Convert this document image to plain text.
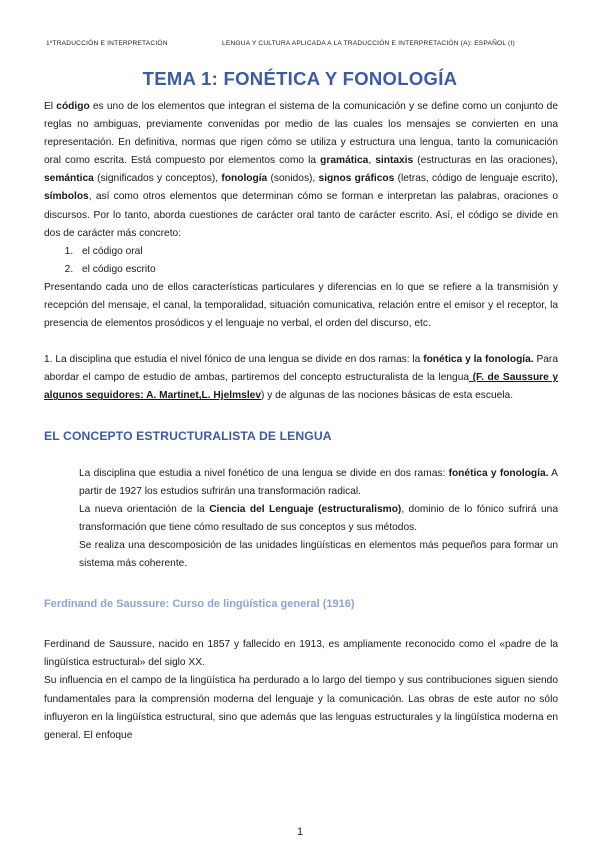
1ºTRADUCCIÓN E INTERPRETACIÓN	LENGUA Y CULTURA APLICADA A LA TRADUCCIÓN E INTERPRETACIÓN (A): ESPAÑOL (I)
TEMA 1: FONÉTICA Y FONOLOGÍA

El código es uno de los elementos que integran el sistema de la comunicación y se define como un conjunto de reglas no ambiguas, previamente convenidas por medio de las cuales los mensajes se convierten en una representación. En definitiva, normas que rigen cómo se utiliza y estructura una lengua, tanto la comunicación oral como escrita. Está compuesto por elementos como la gramática, sintaxis (estructuras en las oraciones), semántica (significados y conceptos), fonología (sonidos), signos gráficos (letras, código de lenguaje escrito), símbolos, así como otros elementos que determinan cómo se forman e interpretan las palabras, oraciones o discursos. Por lo tanto, aborda cuestiones de carácter oral tanto de carácter escrito. Así, el código se divide en dos de carácter más concreto:

1. el código oral
2. el código escrito

Presentando cada uno de ellos características particulares y diferencias en lo que se refiere a la transmisión y recepción del mensaje, el canal, la temporalidad, situación comunicativa, relación entre el emisor y el receptor, la presencia de elementos prosódicos y el lenguaje no verbal, el orden del discurso, etc.

1. La disciplina que estudia el nivel fónico de una lengua se divide en dos ramas: la fonética y la fonología. Para abordar el campo de estudio de ambas, partiremos del concepto estructuralista de la lengua (F. de Saussure y algunos seguidores: A. Martinet,L. Hjelmslev) y de algunas de las nociones básicas de esta escuela.

EL CONCEPTO ESTRUCTURALISTA DE LENGUA

La disciplina que estudia a nivel fonético de una lengua se divide en dos ramas: fonética y fonología. A partir de 1927 los estudios sufrirán una transformación radical.

La nueva orientación de la Ciencia del Lenguaje (estructuralismo), dominio de lo fónico sufrirá una transformación que tiene cómo resultado de sus conceptos y sus métodos.

Se realiza una descomposición de las unidades lingüísticas en elementos más pequeños para formar un sistema más coherente.

Ferdinand de Saussure: Curso de lingüística general (1916)

Ferdinand de Saussure, nacido en 1857 y fallecido en 1913, es ampliamente reconocido como el «padre de la lingüística estructural» del siglo XX.

Su influencia en el campo de la lingüística ha perdurado a lo largo del tiempo y sus contribuciones siguen siendo fundamentales para la comprensión moderna del lenguaje y la comunicación. Las obras de este autor no sólo influyeron en la lingüística estructural, sino que además que las lenguas estructurales y la lingüística moderna en general. El enfoque

1
